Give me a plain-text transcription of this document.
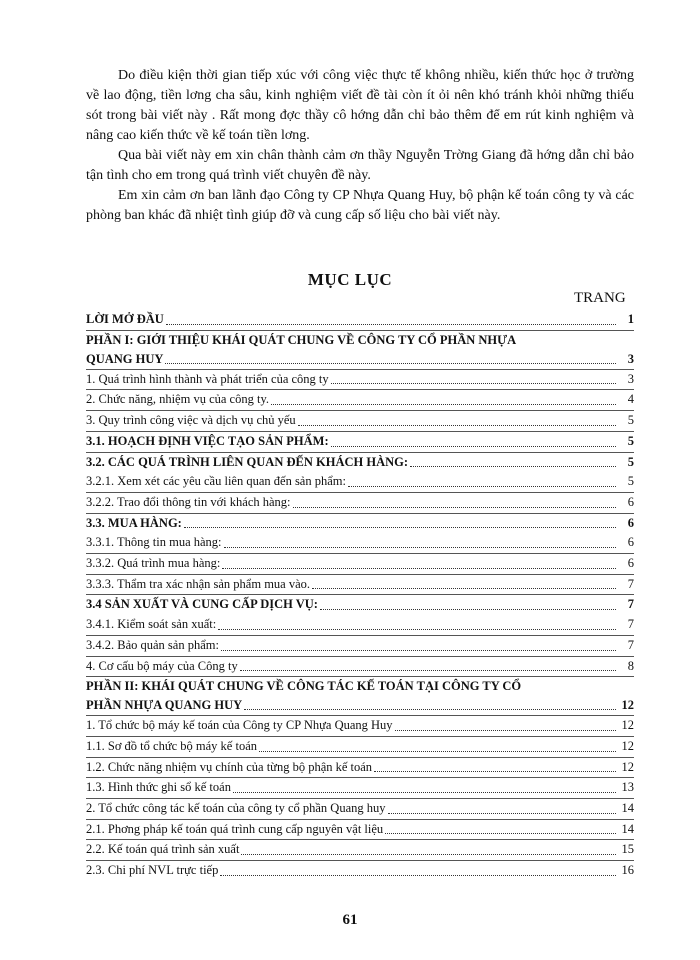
Do điều kiện thời gian tiếp xúc với công việc thực tế không nhiều, kiến thức học ở trường về lao động, tiền lơng cha sâu, kinh nghiệm viết đề tài còn ít ỏi nên khó tránh khỏi những thiếu sót trong bài viết này . Rất mong đợc thầy cô hớng dẫn chỉ bảo thêm để em rút kinh nghiệm và nâng cao kiến thức về kế toán tiền lơng.

Qua bài viết này em xin chân thành cảm ơn thầy Nguyễn Trờng Giang đã hớng dẫn chỉ bảo tận tình cho em trong quá trình viết chuyên đề này.

Em xin cảm ơn ban lãnh đạo Công ty CP Nhựa Quang Huy, bộ phận kế toán công ty và các phòng ban khác đã nhiệt tình giúp đỡ và cung cấp số liệu cho bài viết này.

MỤC LỤC
TRANG
LỜI MỞ ĐẦU	1
PHẦN I: GIỚI THIỆU KHÁI QUÁT CHUNG VỀ CÔNG TY CỔ PHẦN NHỰA
QUANG HUY	3
1. Quá trình hình thành và phát triển của công ty	3
2. Chức năng, nhiệm vụ của công ty.	4
3. Quy trình công việc và dịch vụ chủ yếu	5
3.1. HOẠCH ĐỊNH VIỆC TẠO SẢN PHẨM:	5
3.2. CÁC QUÁ TRÌNH LIÊN QUAN ĐẾN KHÁCH HÀNG:	5
3.2.1. Xem xét các yêu cầu liên quan đến sản phẩm:	5
3.2.2. Trao đổi thông tin với khách hàng:	6
3.3. MUA HÀNG:	6
3.3.1. Thông tin mua hàng:	6
3.3.2. Quá trình mua hàng:	6
3.3.3. Thẩm tra xác nhận sản phẩm mua vào.	7
3.4 SẢN XUẤT VÀ CUNG CẤP DỊCH VỤ:	7
3.4.1. Kiểm soát sản xuất:	7
3.4.2. Bảo quản sản phẩm:	7
4. Cơ cấu bộ máy của Công ty	8
PHẦN II: KHÁI QUÁT CHUNG VỀ CÔNG TÁC KẾ TOÁN TẠI CÔNG TY CỔ
PHẦN NHỰA QUANG HUY	12
1. Tổ chức bộ máy kế toán của Công ty CP Nhựa Quang Huy	12
1.1. Sơ đồ tổ chức bộ máy kế toán	12
1.2. Chức năng nhiệm vụ chính của từng bộ phận kế toán	12
1.3. Hình thức ghi sổ kế toán	13
2. Tổ chức công tác kế toán của công ty cổ phần Quang huy	14
2.1. Phơng pháp kế toán quá trình cung cấp nguyên vật liệu	14
2.2. Kế toán quá trình sản xuất	15
2.3. Chi phí NVL trực tiếp	16
61
